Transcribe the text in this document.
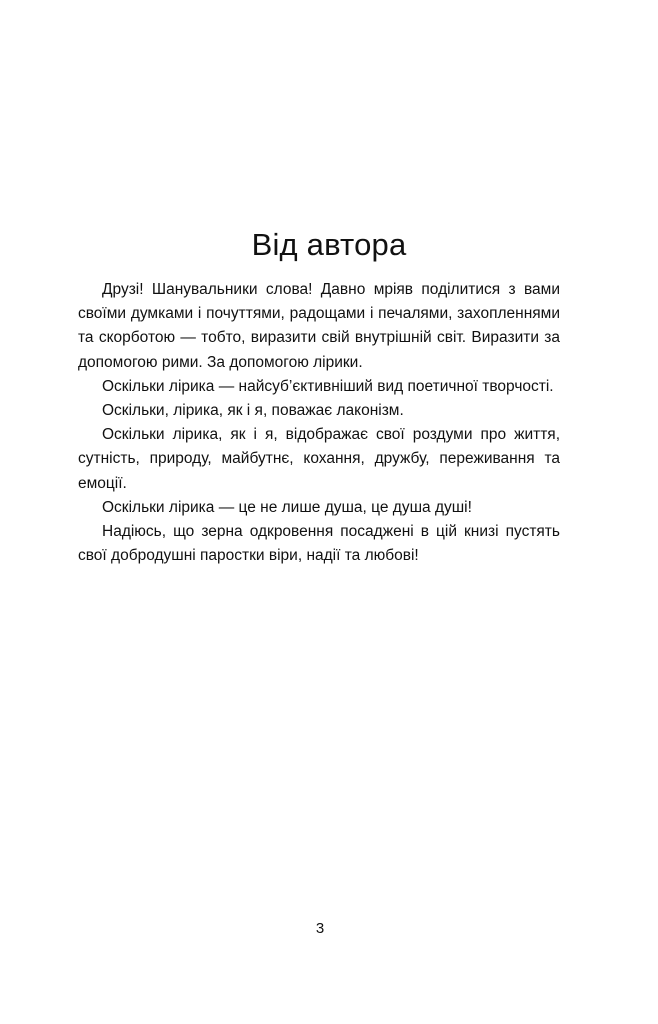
Від автора

Друзі! Шанувальники слова! Давно мріяв поділитися з вами своїми думками і почуттями, радощами і печалями, захопленнями та скорботою — тобто, виразити свій внутрішній світ. Виразити за допомогою рими. За допомогою лірики.

Оскільки лірика — найсуб’єктивніший вид поетичної творчості.

Оскільки, лірика, як і я, поважає лаконізм.

Оскільки лірика, як і я, відображає свої роздуми про життя, сутність, природу, майбутнє, кохання, дружбу, переживання та емоції.

Оскільки лірика — це не лише душа, це душа душі!

Надіюсь, що зерна одкровення посаджені в цій книзі пустять свої добродушні паростки віри, надії та любові!

3
